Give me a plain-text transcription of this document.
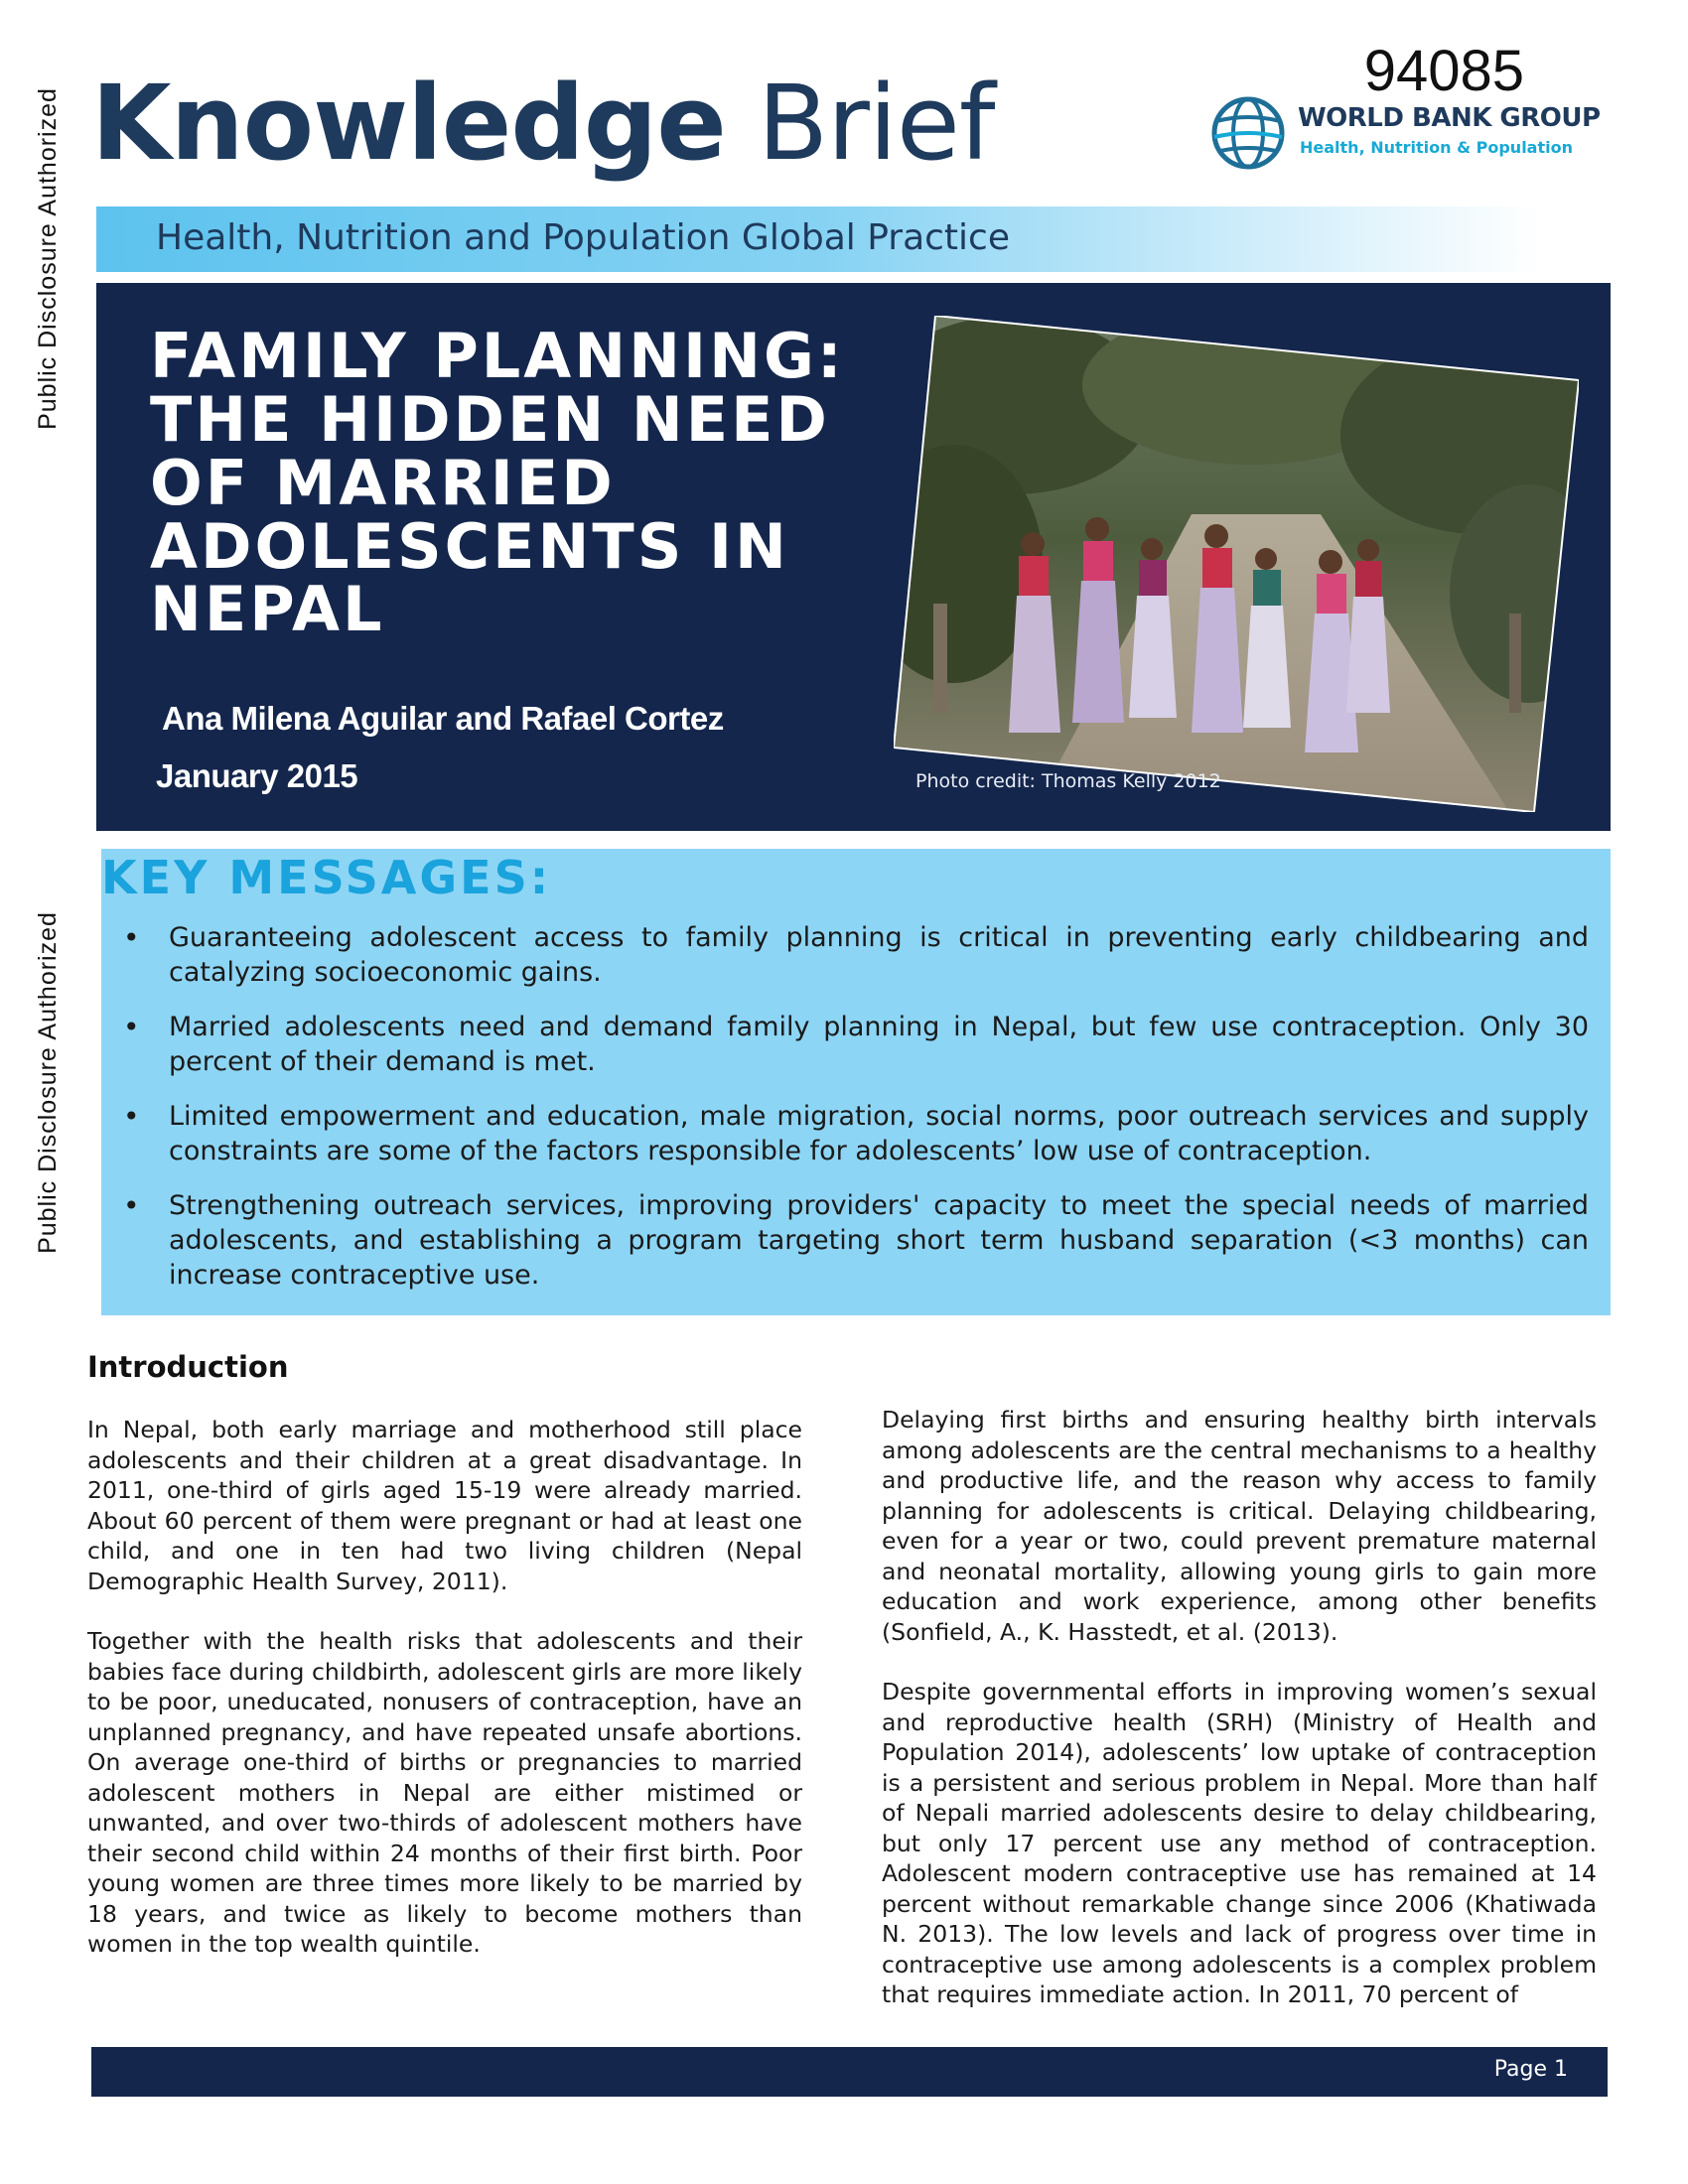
Public Disclosure Authorized
Public Disclosure Authorized
94085
Knowledge Brief	WORLD BANK GROUP
Health, Nutrition & Population
Health, Nutrition and Population Global Practice
FAMILY PLANNING:
THE HIDDEN NEED
OF MARRIED
ADOLESCENTS IN
NEPAL
Ana Milena Aguilar and Rafael Cortez
January 2015	Photo credit: Thomas Kelly 2012
KEY MESSAGES:
• Guaranteeing adolescent access to family planning is critical in preventing early childbearing and catalyzing socioeconomic gains.
• Married adolescents need and demand family planning in Nepal, but few use contraception. Only 30 percent of their demand is met.
• Limited empowerment and education, male migration, social norms, poor outreach services and supply constraints are some of the factors responsible for adolescents’ low use of contraception.
• Strengthening outreach services, improving providers' capacity to meet the special needs of married adolescents, and establishing a program targeting short term husband separation (<3 months) can increase contraceptive use.
Introduction

In Nepal, both early marriage and motherhood still place adolescents and their children at a great disadvantage. In 2011, one-third of girls aged 15-19 were already married. About 60 percent of them were pregnant or had at least one child, and one in ten had two living children (Nepal Demographic Health Survey, 2011).

Together with the health risks that adolescents and their babies face during childbirth, adolescent girls are more likely to be poor, uneducated, nonusers of contraception, have an unplanned pregnancy, and have repeated unsafe abortions. On average one-third of births or pregnancies to married adolescent mothers in Nepal are either mistimed or unwanted, and over two-thirds of adolescent mothers have their second child within 24 months of their first birth. Poor young women are three times more likely to be married by 18 years, and twice as likely to become mothers than women in the top wealth quintile.

Delaying first births and ensuring healthy birth intervals among adolescents are the central mechanisms to a healthy and productive life, and the reason why access to family planning for adolescents is critical. Delaying childbearing, even for a year or two, could prevent premature maternal and neonatal mortality, allowing young girls to gain more education and work experience, among other benefits (Sonfield, A., K. Hasstedt, et al. (2013).

Despite governmental efforts in improving women’s sexual and reproductive health (SRH) (Ministry of Health and Population 2014), adolescents’ low uptake of contraception is a persistent and serious problem in Nepal. More than half of Nepali married adolescents desire to delay childbearing, but only 17 percent use any method of contraception. Adolescent modern contraceptive use has remained at 14 percent without remarkable change since 2006 (Khatiwada N. 2013). The low levels and lack of progress over time in contraceptive use among adolescents is a complex problem that requires immediate action. In 2011, 70 percent of

Page 1
